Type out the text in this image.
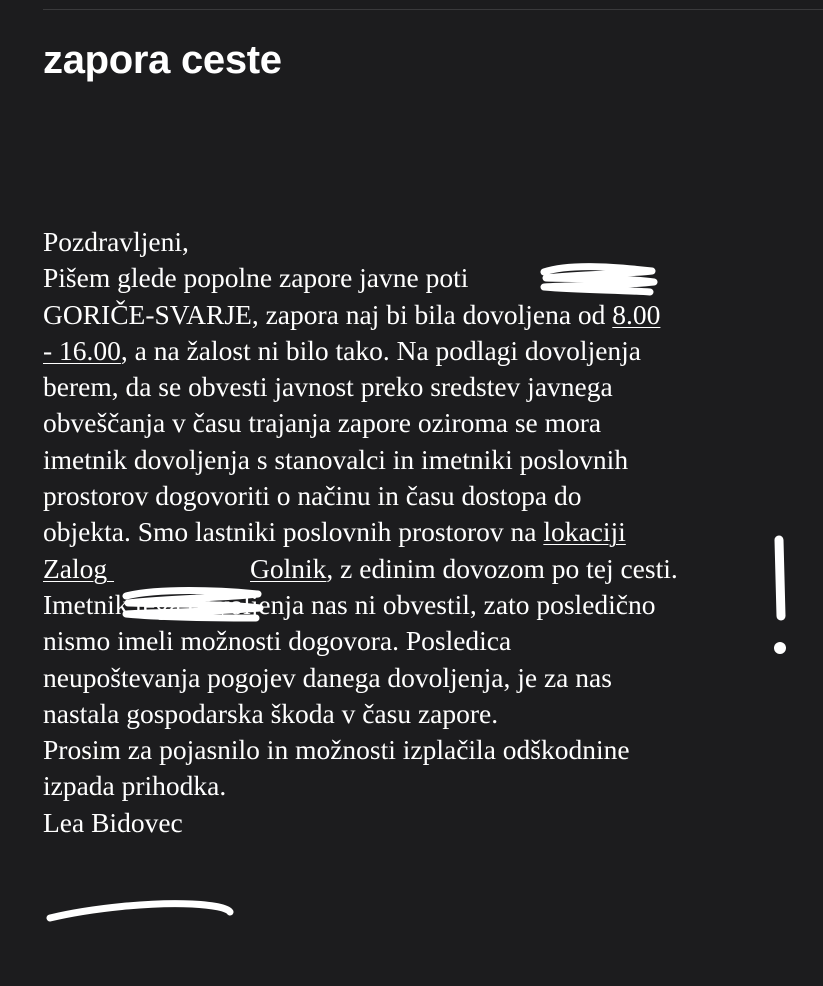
zapora ceste
Pozdravljeni,
Pišem glede popolne zapore javne poti
GORIČE-SVARJE, zapora naj bi bila dovoljena od 8.00
- 16.00, a na žalost ni bilo tako. Na podlagi dovoljenja
berem, da se obvesti javnost preko sredstev javnega
obveščanja v času trajanja zapore oziroma se mora
imetnik dovoljenja s stanovalci in imetniki poslovnih
prostorov dogovoriti o načinu in času dostopa do
objekta. Smo lastniki poslovnih prostorov na lokaciji
Zalog	Golnik, z edinim dovozom po tej cesti.
Imetnik tega dovoljenja nas ni obvestil, zato posledično
nismo imeli možnosti dogovora. Posledica
neupoštevanja pogojev danega dovoljenja, je za nas
nastala gospodarska škoda v času zapore.
Prosim za pojasnilo in možnosti izplačila odškodnine
izpada prihodka.
Lea Bidovec
